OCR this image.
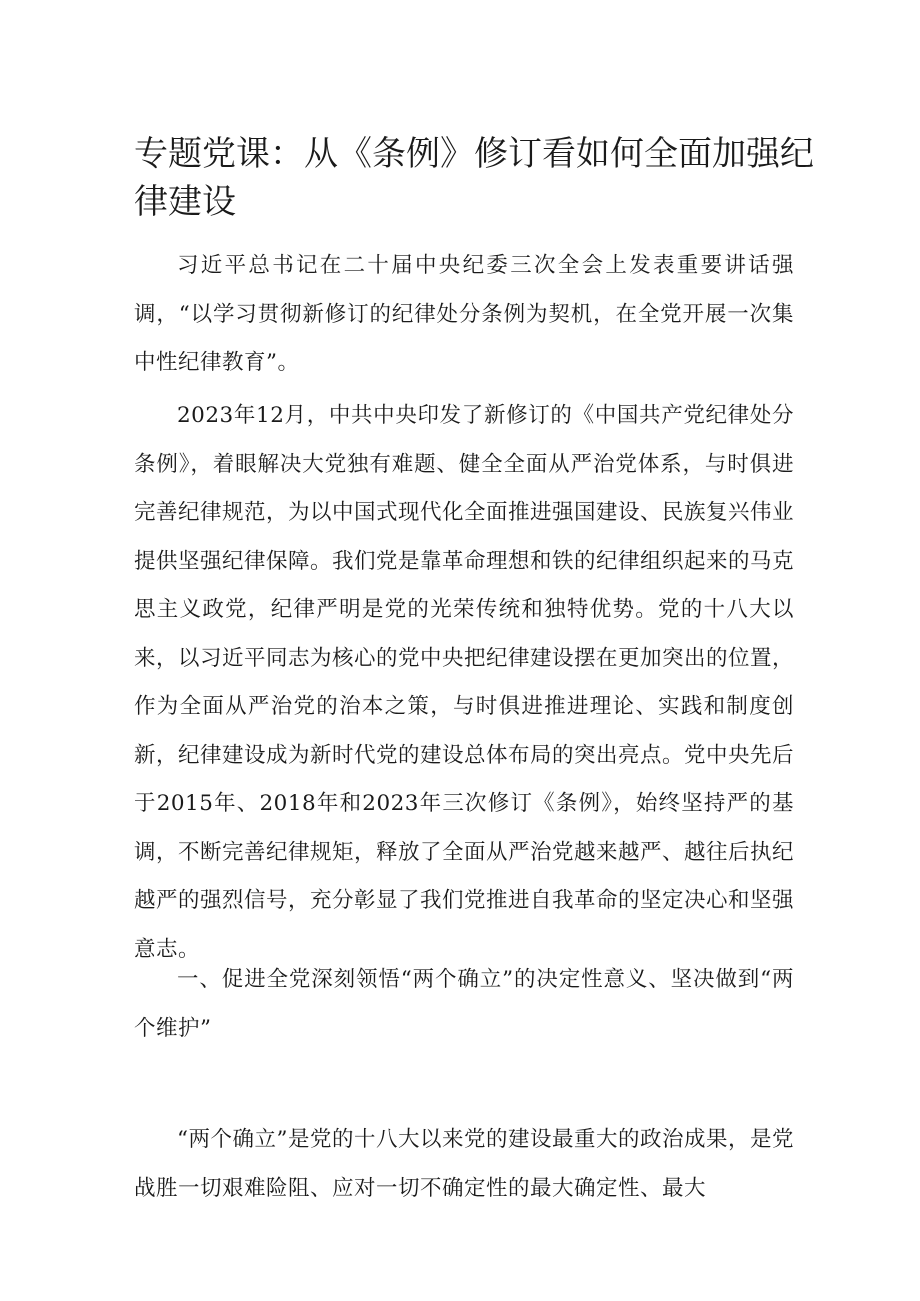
专题党课：从《条例》修订看如何全面加强纪律建设

习近平总书记在二十届中央纪委三次全会上发表重要讲话强调，“以学习贯彻新修订的纪律处分条例为契机，在全党开展一次集中性纪律教育”。

2023年12月，中共中央印发了新修订的《中国共产党纪律处分条例》，着眼解决大党独有难题、健全全面从严治党体系，与时俱进完善纪律规范，为以中国式现代化全面推进强国建设、民族复兴伟业提供坚强纪律保障。我们党是靠革命理想和铁的纪律组织起来的马克思主义政党，纪律严明是党的光荣传统和独特优势。党的十八大以来，以习近平同志为核心的党中央把纪律建设摆在更加突出的位置，作为全面从严治党的治本之策，与时俱进推进理论、实践和制度创新，纪律建设成为新时代党的建设总体布局的突出亮点。党中央先后于2015年、2018年和2023年三次修订《条例》，始终坚持严的基调，不断完善纪律规矩，释放了全面从严治党越来越严、越往后执纪越严的强烈信号，充分彰显了我们党推进自我革命的坚定决心和坚强意志。

一、促进全党深刻领悟“两个确立”的决定性意义、坚决做到“两个维护”

“两个确立”是党的十八大以来党的建设最重大的政治成果，是党战胜一切艰难险阻、应对一切不确定性的最大确定性、最大
